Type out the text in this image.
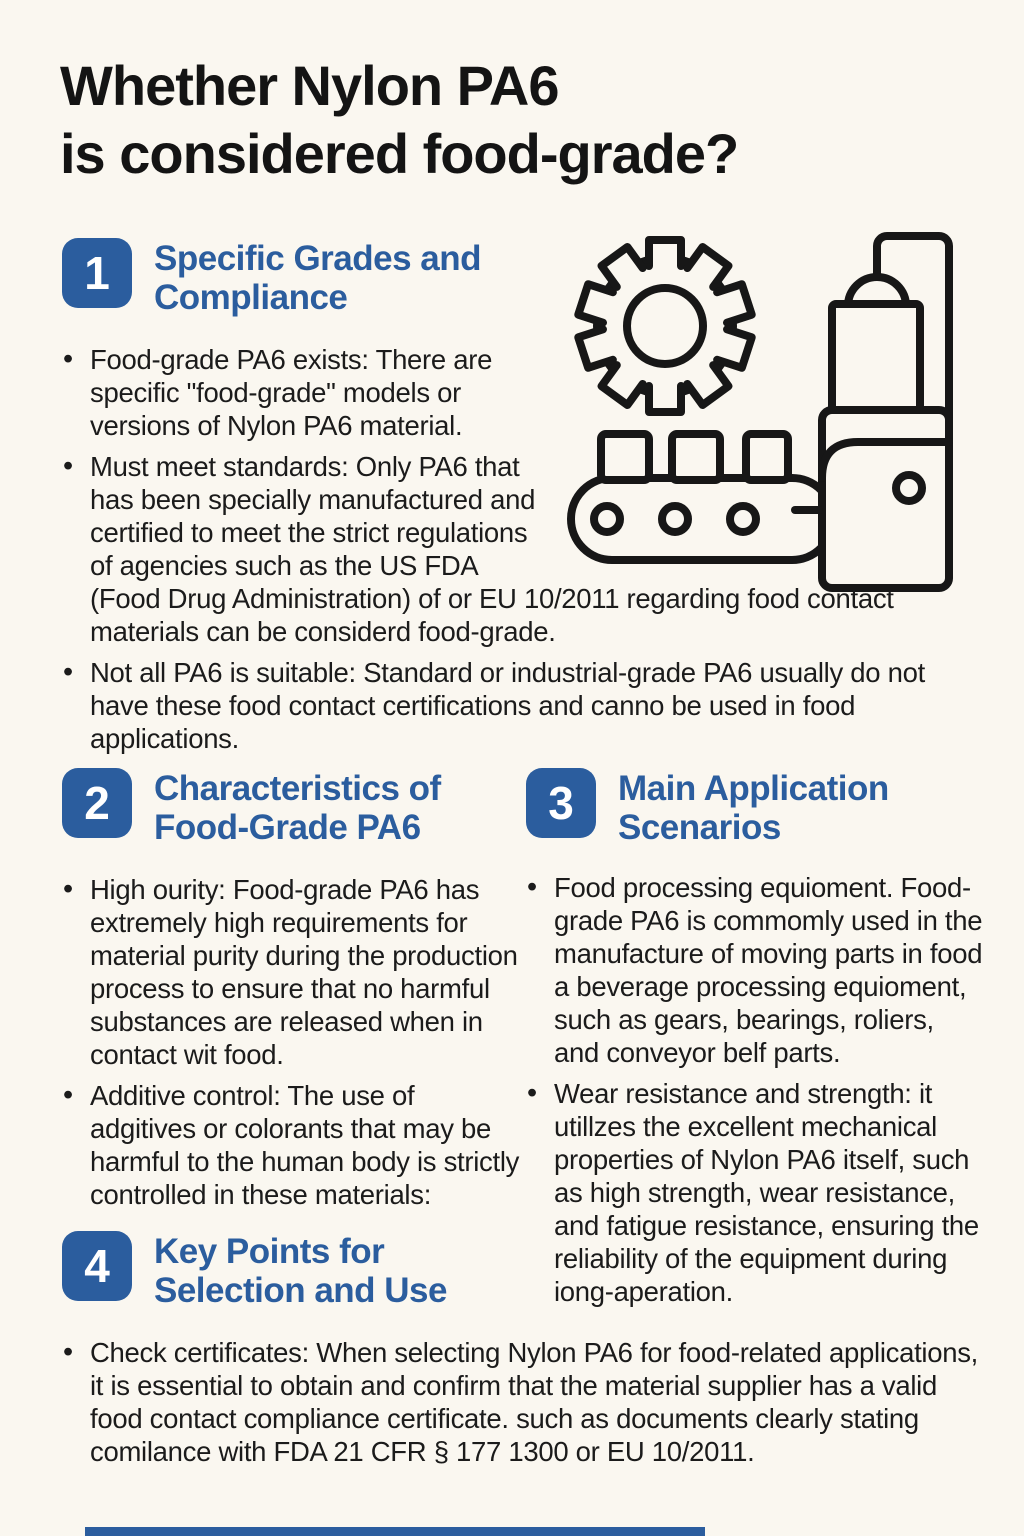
Whether Nylon PA6
is considered food-grade?
1	Specific Grades and Compliance
• Food-grade PA6 exists: There are specific "food-grade" models or versions of Nylon PA6 material.
• Must meet standards: Only PA6 that has been specially manufactured and certified to meet the strict regulations of agencies such as the US FDA (Food Drug Administration) of or EU 10/2011 regarding food contact materials can be considerd food-grade.
• Not all PA6 is suitable: Standard or industrial-grade PA6 usually do not have these food contact certifications and canno be used in food applications.
3	Main Application Scenarios
• Food processing equioment. Food-grade PA6 is commomly used in the manufacture of moving parts in food a beverage processing equioment, such as gears, bearings, roliers, and conveyor belf parts.
• Wear resistance and strength: it utillzes the excellent mechanical properties of Nylon PA6 itself, such as high strength, wear resistance, and fatigue resistance, ensuring the reliability of the equipment during iong-aperation.
2	Characteristics of Food-Grade PA6
• High ourity: Food-grade PA6 has extremely high requirements for material purity during the production process to ensure that no harmful substances are released when in contact wit food.
• Additive control: The use of adgitives or colorants that may be harmful to the human body is strictly controlled in these materials:
4	Key Points for Selection and Use
• Check certificates: When selecting Nylon PA6 for food-related applications, it is essential to obtain and confirm that the material supplier has a valid food contact compliance certificate. such as documents clearly stating comilance with FDA 21 CFR § 177 1300 or EU 10/2011.
